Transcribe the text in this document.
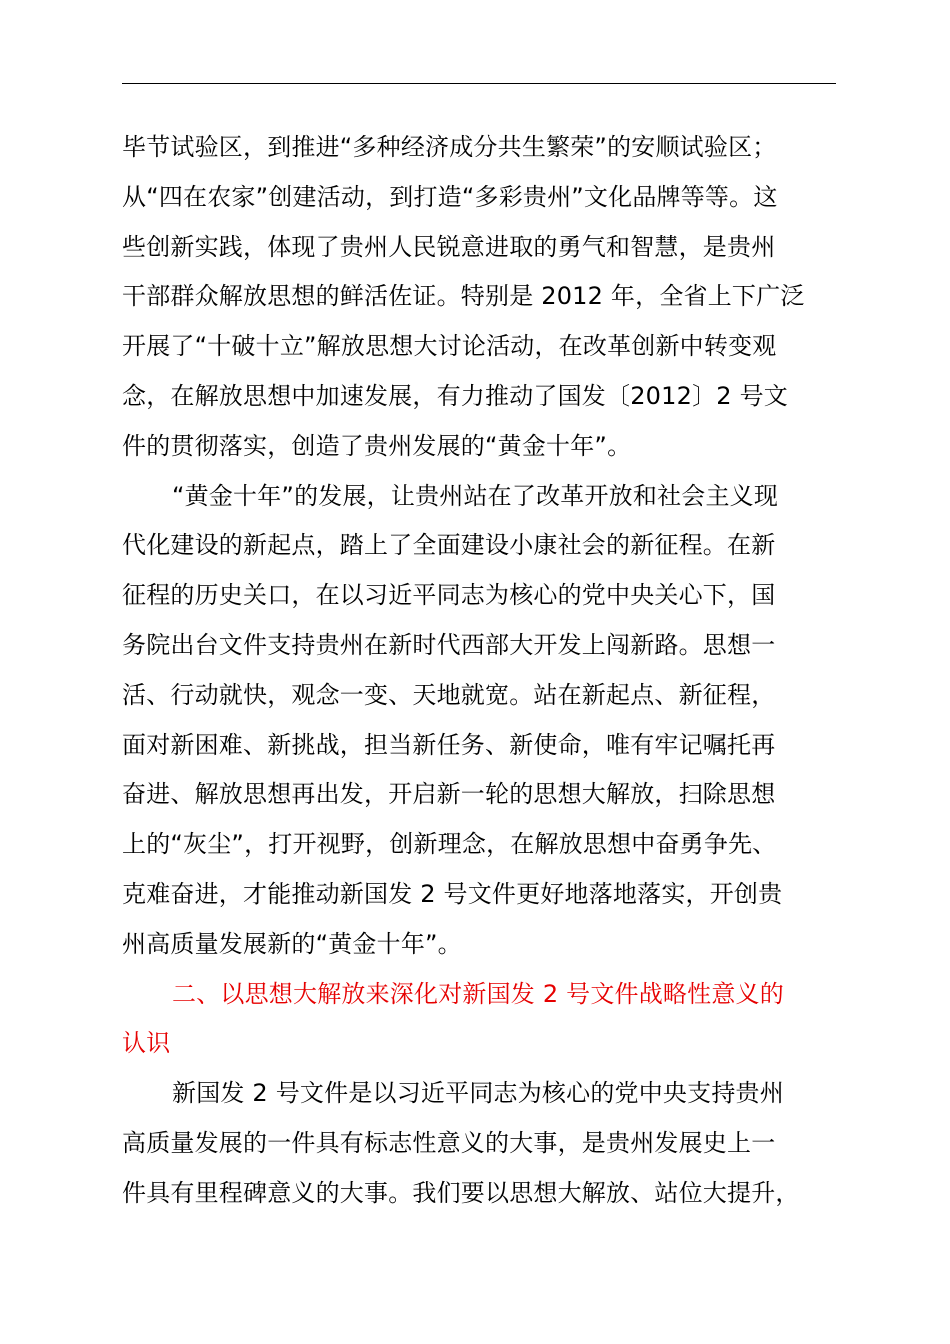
毕节试验区，到推进“多种经济成分共生繁荣”的安顺试验区；
从“四在农家”创建活动，到打造“多彩贵州”文化品牌等等。这
些创新实践，体现了贵州人民锐意进取的勇气和智慧，是贵州
干部群众解放思想的鲜活佐证。特别是 2012 年，全省上下广泛
开展了“十破十立”解放思想大讨论活动，在改革创新中转变观
念，在解放思想中加速发展，有力推动了国发〔2012〕2 号文
件的贯彻落实，创造了贵州发展的“黄金十年”。
“黄金十年”的发展，让贵州站在了改革开放和社会主义现
代化建设的新起点，踏上了全面建设小康社会的新征程。在新
征程的历史关口，在以习近平同志为核心的党中央关心下，国
务院出台文件支持贵州在新时代西部大开发上闯新路。思想一
活、行动就快，观念一变、天地就宽。站在新起点、新征程，
面对新困难、新挑战，担当新任务、新使命，唯有牢记嘱托再
奋进、解放思想再出发，开启新一轮的思想大解放，扫除思想
上的“灰尘”，打开视野，创新理念，在解放思想中奋勇争先、
克难奋进，才能推动新国发 2 号文件更好地落地落实，开创贵
州高质量发展新的“黄金十年”。
二、以思想大解放来深化对新国发 2 号文件战略性意义的
认识
新国发 2 号文件是以习近平同志为核心的党中央支持贵州
高质量发展的一件具有标志性意义的大事，是贵州发展史上一
件具有里程碑意义的大事。我们要以思想大解放、站位大提升，
